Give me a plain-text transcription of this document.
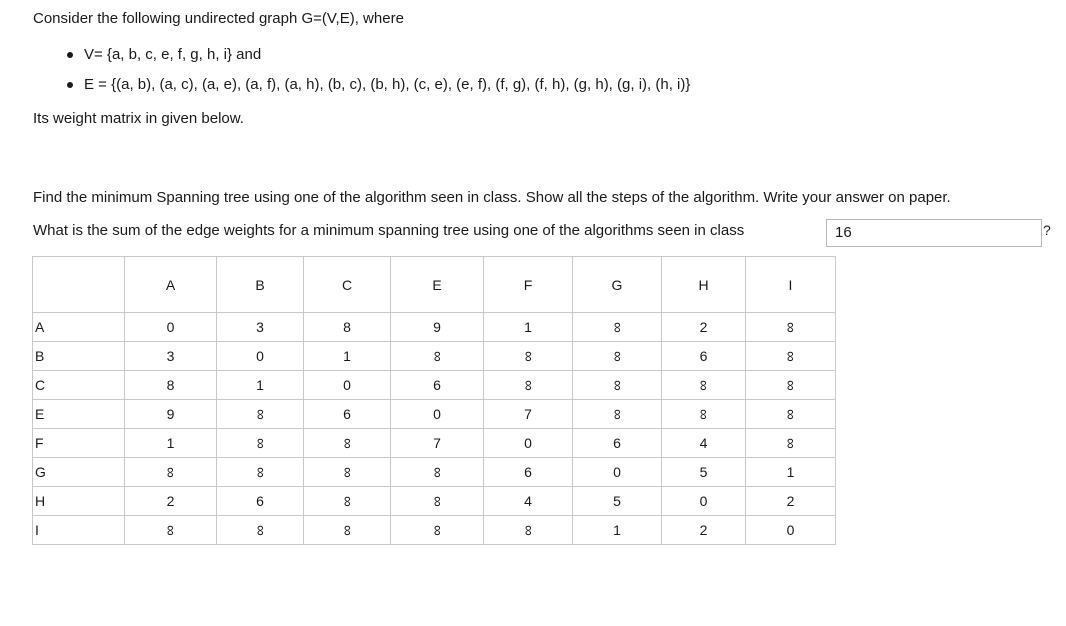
Consider the following undirected graph G=(V,E), where
V= {a, b, c, e, f, g, h, i} and
E = {(a, b), (a, c), (a, e), (a, f), (a, h), (b, c), (b, h), (c, e), (e, f), (f, g), (f, h), (g, h), (g, i), (h, i)}
Its weight matrix in given below.
Find the minimum Spanning tree using one of the algorithm seen in class. Show all the steps of the algorithm. Write your answer on paper.
What is the sum of the edge weights for a minimum spanning tree using one of the algorithms seen in class	16	?
	A	B	C	E	F	G	H	I
A	0	3	8	9	1	∞	2	∞
B	3	0	1	∞	∞	∞	6	∞
C	8	1	0	6	∞	∞	∞	∞
E	9	∞	6	0	7	∞	∞	∞
F	1	∞	∞	7	0	6	4	∞
G	∞	∞	∞	∞	6	0	5	1
H	2	6	∞	∞	4	5	0	2
I	∞	∞	∞	∞	∞	1	2	0
